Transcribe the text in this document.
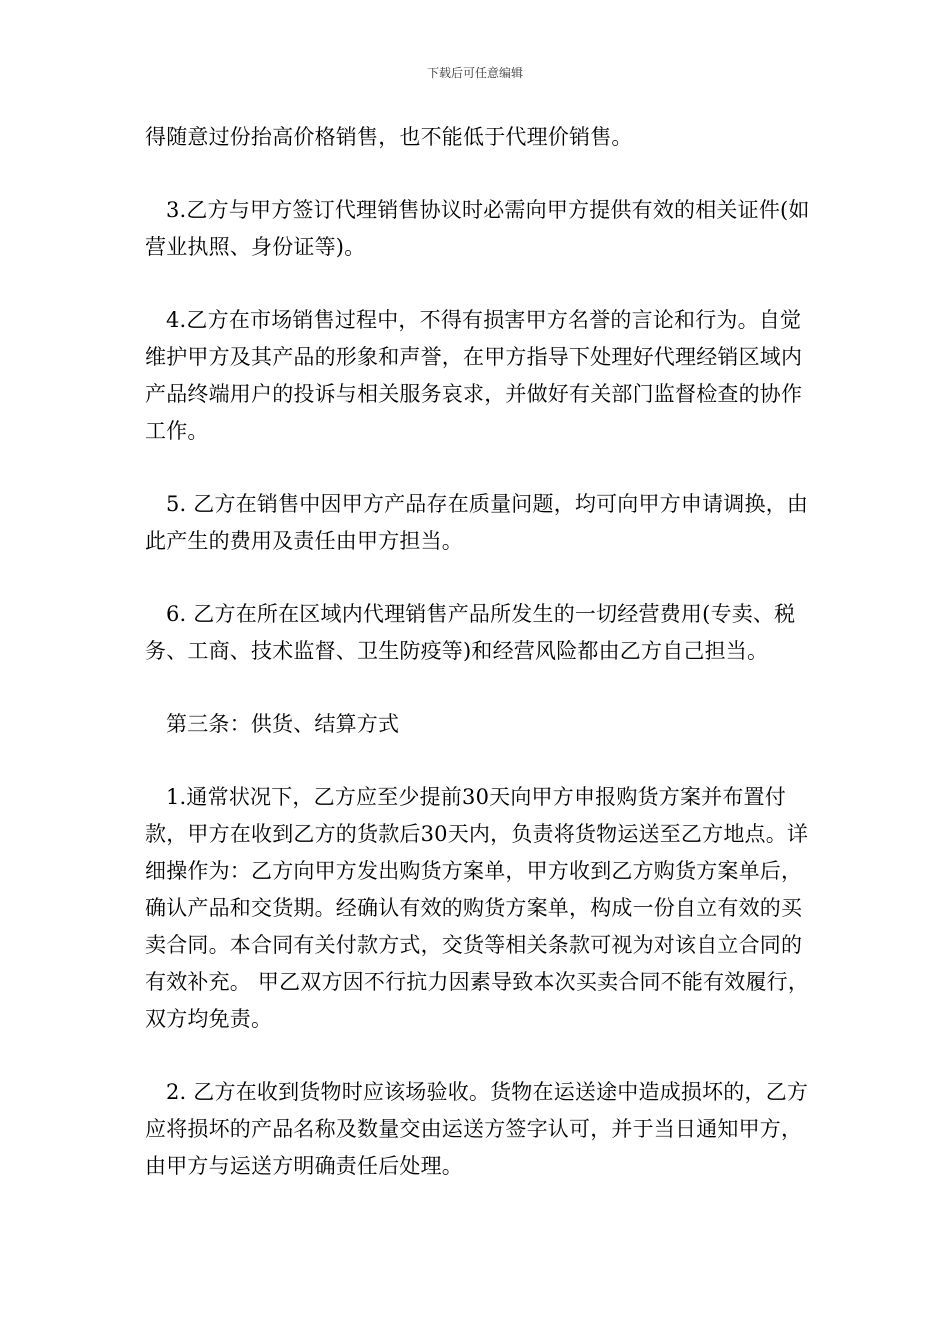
下载后可任意编辑

得随意过份抬高价格销售，也不能低于代理价销售。

3.乙方与甲方签订代理销售协议时必需向甲方提供有效的相关证件(如营业执照、身份证等)。

4.乙方在市场销售过程中，不得有损害甲方名誉的言论和行为。自觉维护甲方及其产品的形象和声誉，在甲方指导下处理好代理经销区域内产品终端用户的投诉与相关服务哀求，并做好有关部门监督检查的协作工作。

5. 乙方在销售中因甲方产品存在质量问题，均可向甲方申请调换，由此产生的费用及责任由甲方担当。

6. 乙方在所在区域内代理销售产品所发生的一切经营费用(专卖、税务、工商、技术监督、卫生防疫等)和经营风险都由乙方自己担当。

第三条：供货、结算方式

1.通常状况下，乙方应至少提前30天向甲方申报购货方案并布置付款，甲方在收到乙方的货款后30天内，负责将货物运送至乙方地点。详细操作为：乙方向甲方发出购货方案单，甲方收到乙方购货方案单后，确认产品和交货期。经确认有效的购货方案单，构成一份自立有效的买卖合同。本合同有关付款方式，交货等相关条款可视为对该自立合同的有效补充。 甲乙双方因不行抗力因素导致本次买卖合同不能有效履行，双方均免责。

2. 乙方在收到货物时应该场验收。货物在运送途中造成损坏的，乙方应将损坏的产品名称及数量交由运送方签字认可，并于当日通知甲方，由甲方与运送方明确责任后处理。
